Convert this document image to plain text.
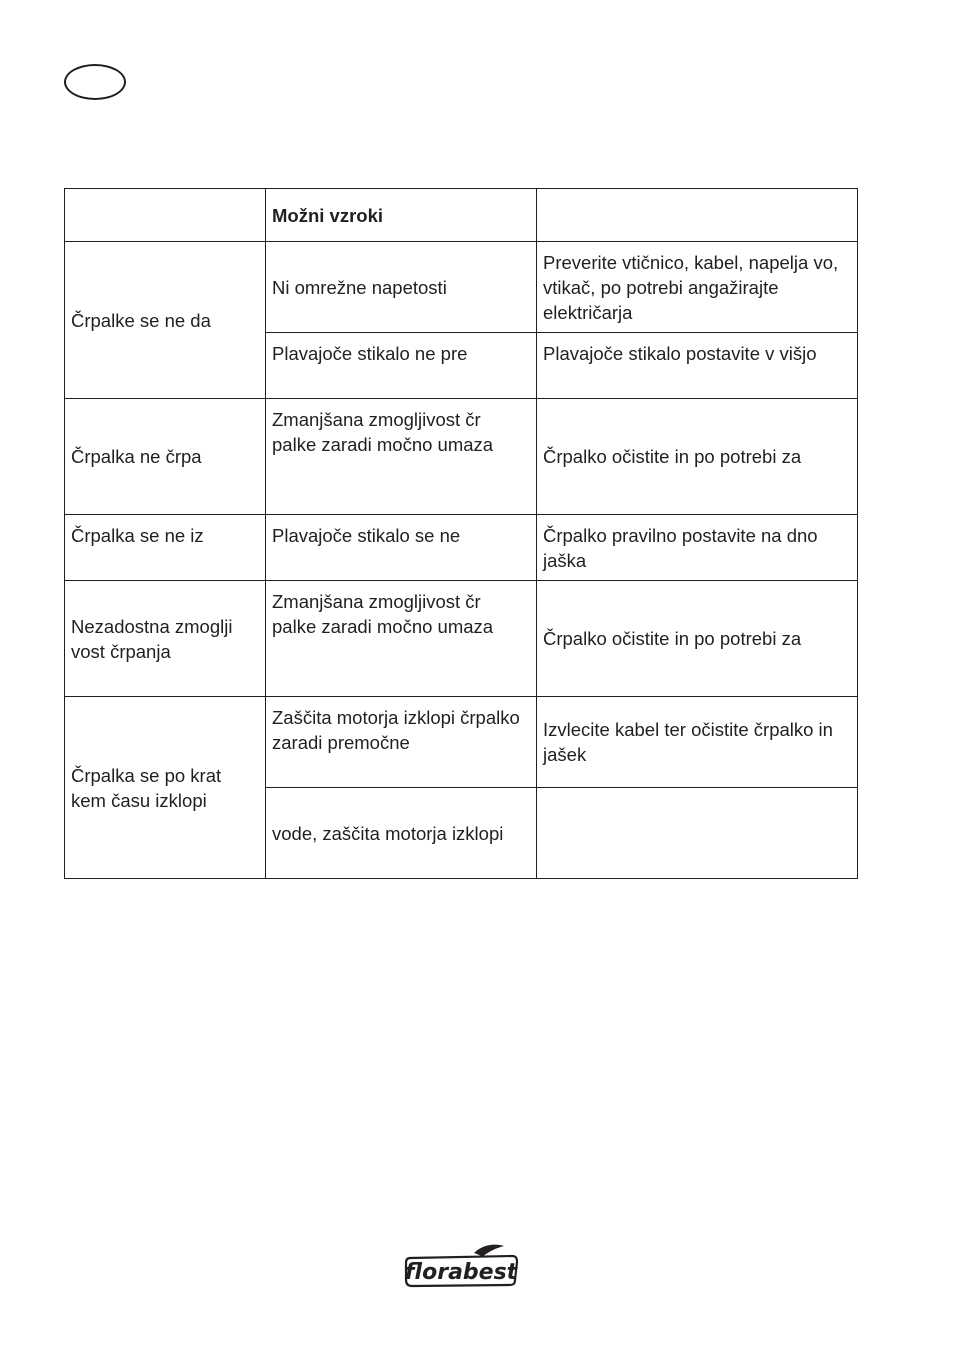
	Možni vzroki	
Črpalke se ne da	Ni omrežne napetosti	Preverite vtičnico, kabel, napelja vo, vtikač, po potrebi angažirajte električarja
	Plavajoče stikalo ne pre	Plavajoče stikalo postavite v višjo
Črpalka ne črpa	Zmanjšana zmogljivost čr palke zaradi močno umaza	Črpalko očistite in po potrebi za
Črpalka se ne iz	Plavajoče stikalo se ne	Črpalko pravilno postavite na dno jaška
Nezadostna zmoglji vost črpanja	Zmanjšana zmogljivost čr palke zaradi močno umaza	Črpalko očistite in po potrebi za
Črpalka se po krat kem času izklopi	Zaščita motorja izklopi črpalko zaradi premočne	Izvlecite kabel ter očistite črpalko in jašek
	vode, zaščita motorja izklopi	
florabest
